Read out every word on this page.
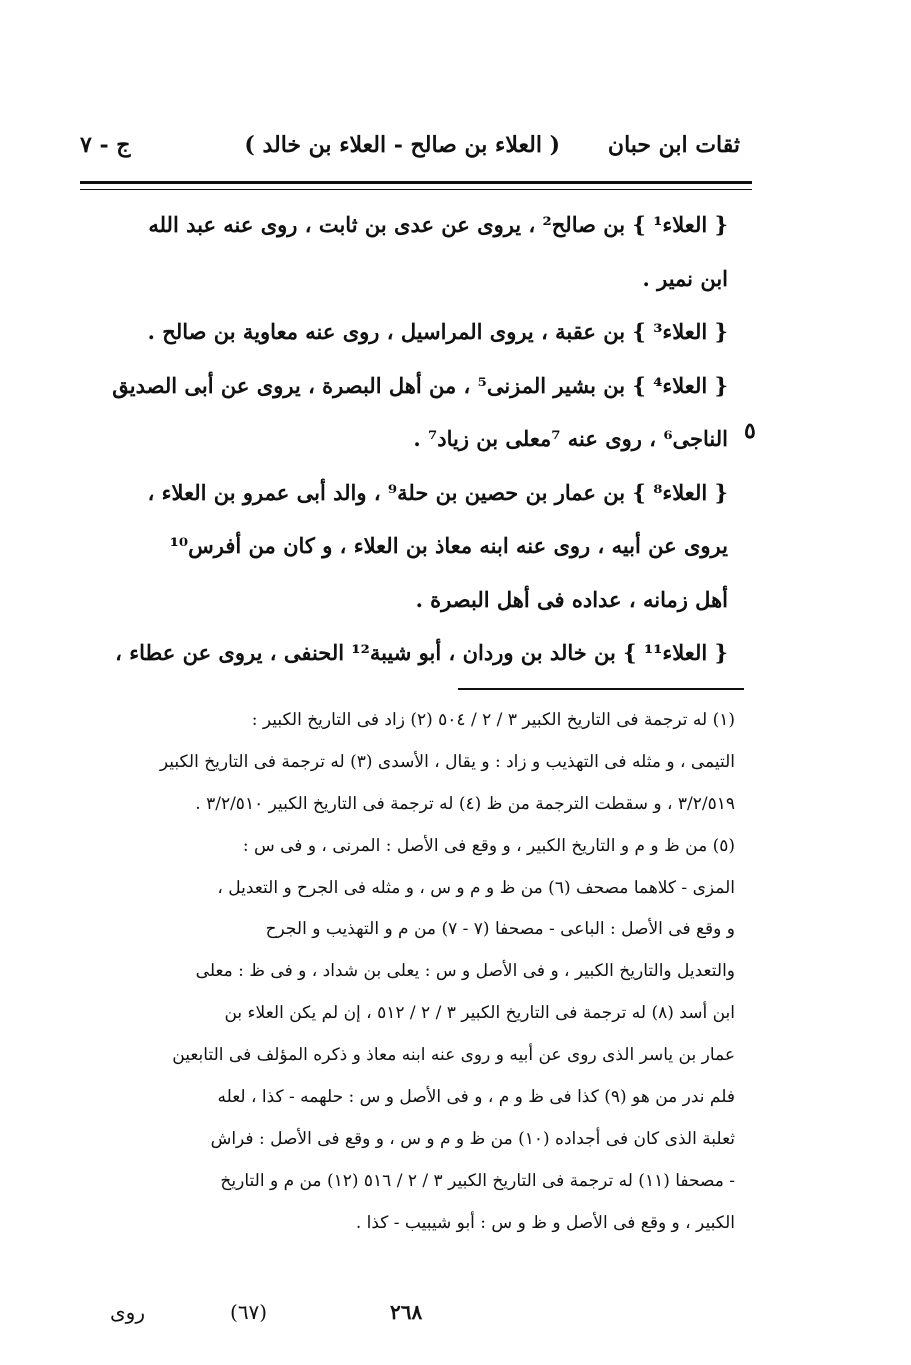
ثقات ابن حبان
( العلاء بن صالح - العلاء بن خالد )
ج - ٧
{ العلاء¹ } بن صالح² ، يروى عن عدى بن ثابت ، روى عنه عبد الله
ابن نمير .
{ العلاء³ } بن عقبة ، يروى المراسيل ، روى عنه معاوية بن صالح .
{ العلاء⁴ } بن بشير المزنى⁵ ، من أهل البصرة ، يروى عن أبى الصديق
الناجى⁶ ، روى عنه ⁷معلى بن زياد⁷ .
{ العلاء⁸ } بن عمار بن حصين بن حلة⁹ ، والد أبى عمرو بن العلاء ،
يروى عن أبيه ، روى عنه ابنه معاذ بن العلاء ، و كان من أفرس¹⁰
أهل زمانه ، عداده فى أهل البصرة .
{ العلاء¹¹ } بن خالد بن وردان ، أبو شيبة¹² الحنفى ، يروى عن عطاء ،
٥
(١) له ترجمة فى التاريخ الكبير ٣ / ٢ / ٥٠٤ (٢) زاد فى التاريخ الكبير :
التيمى ، و مثله فى التهذيب و زاد : و يقال ، الأسدى (٣) له ترجمة فى التاريخ الكبير
٣/٢/٥١٩ ، و سقطت الترجمة من ظ (٤) له ترجمة فى التاريخ الكبير ٣/٢/٥١٠ .
(٥) من ظ و م و التاريخ الكبير ، و وقع فى الأصل : المرنى ، و فى س :
المزى - كلاهما مصحف (٦) من ظ و م و س ، و مثله فى الجرح و التعديل ،
و وقع فى الأصل : الباعى - مصحفا (٧ - ٧) من م و التهذيب و الجرح
والتعديل والتاريخ الكبير ، و فى الأصل و س : يعلى بن شداد ، و فى ظ : معلى
ابن أسد (٨) له ترجمة فى التاريخ الكبير ٣ / ٢ / ٥١٢ ، إن لم يكن العلاء بن
عمار بن ياسر الذى روى عن أبيه و روى عنه ابنه معاذ و ذكره المؤلف فى التابعين
فلم ندر من هو (٩) كذا فى ظ و م ، و فى الأصل و س : حلهمه - كذا ، لعله
ثعلبة الذى كان فى أجداده (١٠) من ظ و م و س ، و وقع فى الأصل : فراش
- مصحفا (١١) له ترجمة فى التاريخ الكبير ٣ / ٢ / ٥١٦ (١٢) من م و التاريخ
الكبير ، و وقع فى الأصل و ظ و س : أبو شيبيب - كذا .
روى	(٦٧)	٢٦٨
